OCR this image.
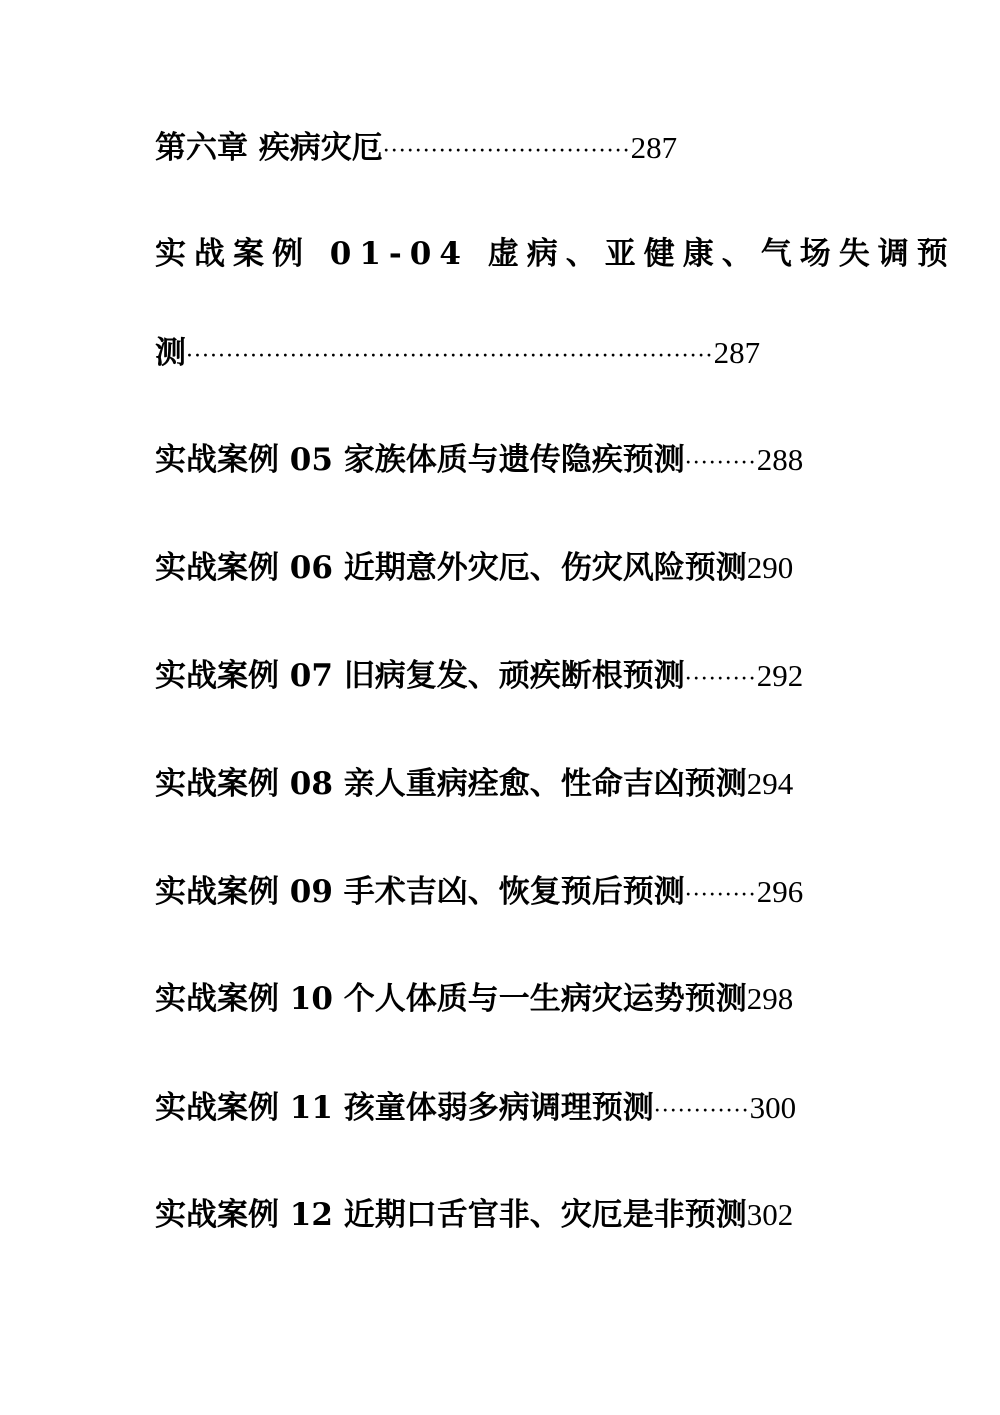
第六章 疾病灾厄 ······························· 287
实战案例 01-04 虚病、亚健康、气场失调预
测 ·································································· 287
实战案例 05 家族体质与遗传隐疾预测 ········· 288
实战案例 06 近期意外灾厄、伤灾风险预测 290
实战案例 07 旧病复发、顽疾断根预测 ········· 292
实战案例 08 亲人重病痊愈、性命吉凶预测 294
实战案例 09 手术吉凶、恢复预后预测 ········· 296
实战案例 10 个人体质与一生病灾运势预测 298
实战案例 11 孩童体弱多病调理预测 ············ 300
实战案例 12 近期口舌官非、灾厄是非预测 302
